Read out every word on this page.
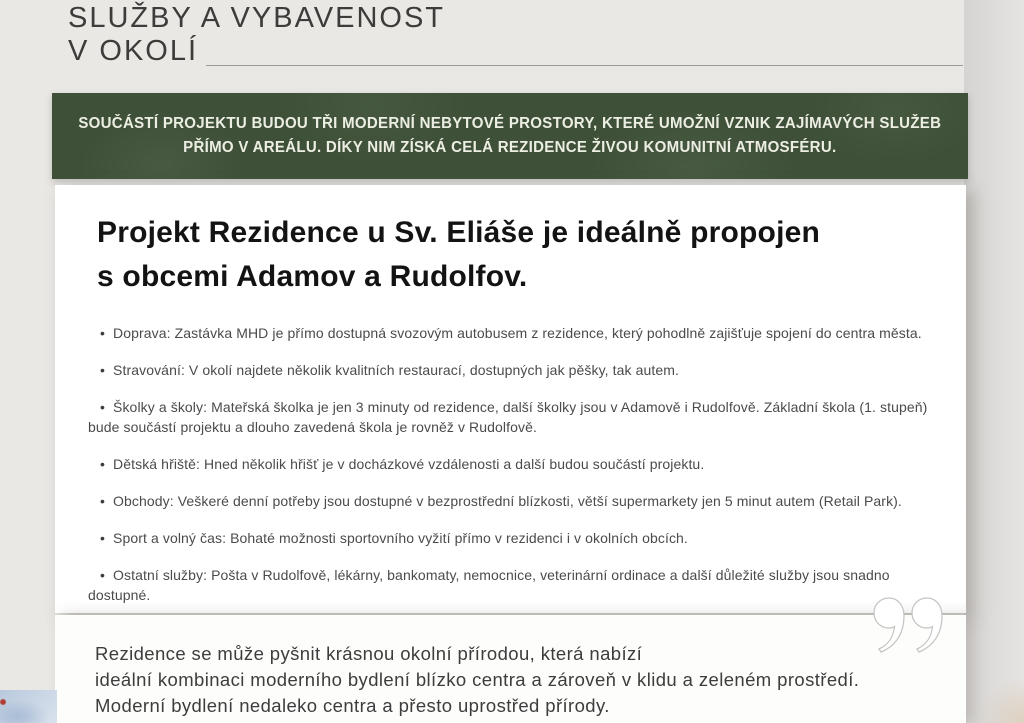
SLUŽBY A VYBAVENOST
V OKOLÍ
SOUČÁSTÍ PROJEKTU BUDOU TŘI MODERNÍ NEBYTOVÉ PROSTORY, KTERÉ UMOŽNÍ VZNIK ZAJÍMAVÝCH SLUŽEB
PŘÍMO V AREÁLU. DÍKY NIM ZÍSKÁ CELÁ REZIDENCE ŽIVOU KOMUNITNÍ ATMOSFÉRU.
Projekt Rezidence u Sv. Eliáše je ideálně propojen
s obcemi Adamov a Rudolfov.
• Doprava: Zastávka MHD je přímo dostupná svozovým autobusem z rezidence, který pohodlně zajišťuje spojení do centra města.
• Stravování: V okolí najdete několik kvalitních restaurací, dostupných jak pěšky, tak autem.
• Školky a školy: Mateřská školka je jen 3 minuty od rezidence, další školky jsou v Adamově i Rudolfově. Základní škola (1. stupeň) bude součástí projektu a dlouho zavedená škola je rovněž v Rudolfově.
• Dětská hřiště: Hned několik hřišť je v docházkové vzdálenosti a další budou součástí projektu.
• Obchody: Veškeré denní potřeby jsou dostupné v bezprostřední blízkosti, větší supermarkety jen 5 minut autem (Retail Park).
• Sport a volný čas: Bohaté možnosti sportovního vyžití přímo v rezidenci i v okolních obcích.
• Ostatní služby: Pošta v Rudolfově, lékárny, bankomaty, nemocnice, veterinární ordinace a další důležité služby jsou snadno dostupné.
Rezidence se může pyšnit krásnou okolní přírodou, která nabízí
ideální kombinaci moderního bydlení blízko centra a zároveň v klidu a zeleném prostředí.
Moderní bydlení nedaleko centra a přesto uprostřed přírody.
